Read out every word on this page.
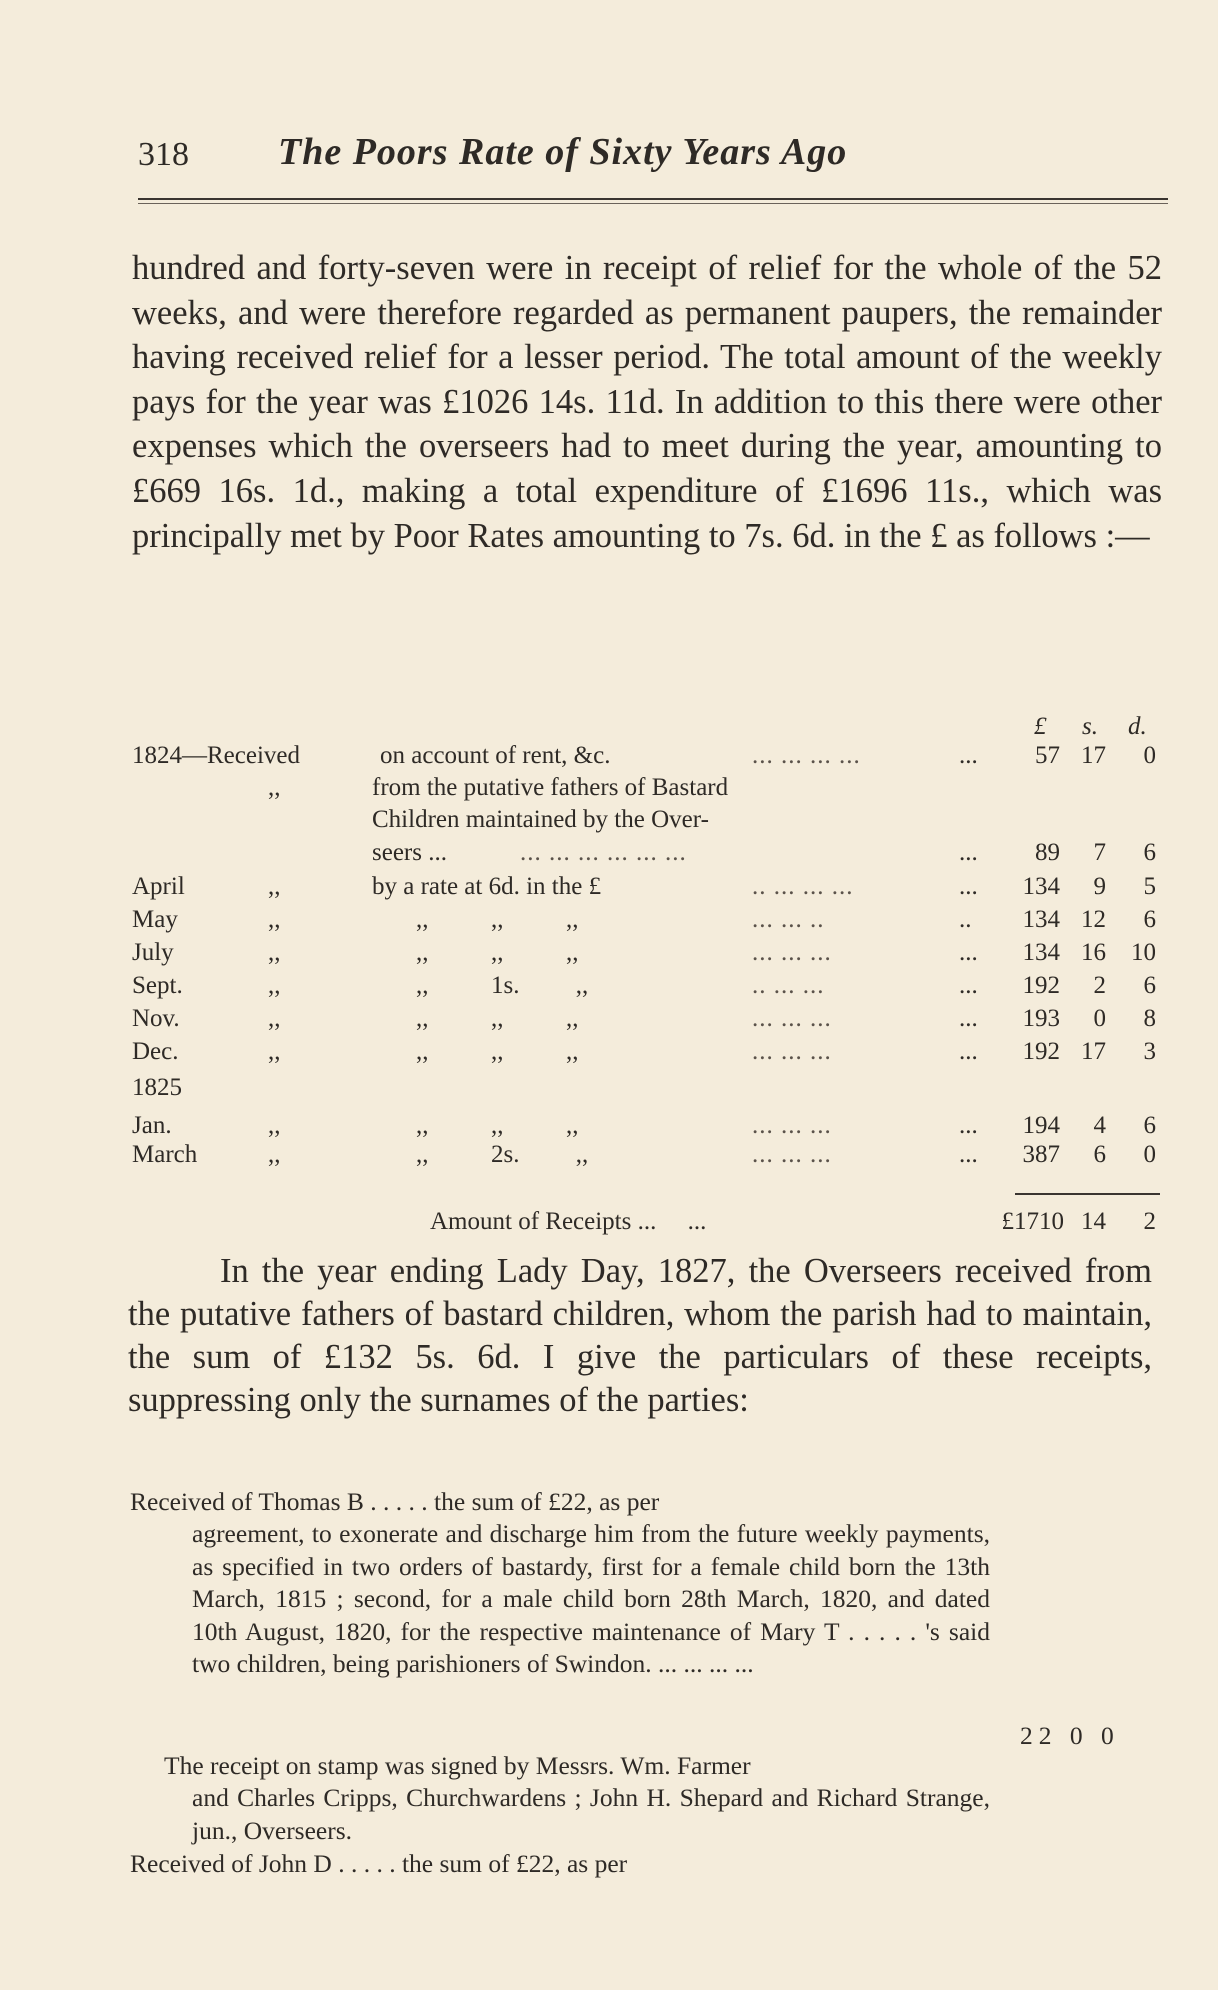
318 The Poors Rate of Sixty Years Ago

hundred and forty-seven were in receipt of relief for the whole of the 52 weeks, and were therefore regarded as permanent paupers, the remainder having received relief for a lesser period. The total amount of the weekly pays for the year was £1026 14s. 11d. In addition to this there were other expenses which the overseers had to meet during the year, amounting to £669 16s. 1d., making a total expenditure of £1696 11s., which was principally met by Poor Rates amounting to 7s. 6d. in the £ as follows :—

£ s. d.
1824—Received	on account of rent, &c.	... ... ... ...	...	57 17	0
,,	from the putative fathers of Bastard
Children maintained by the Over-
seers ...	... ... ... ... ... ...	...	89	7	6
April	,,	by a rate at 6d. in the £	.. ... ... ...	...	134	9	5
May	,,	,,          ,,          ,,	... ... ..	..	134 12	6
July	,,	,,          ,,          ,,	... ... ...	...	134 16	10
Sept.	,,	,,          1s.         ,,	.. ... ...	...	192	2	6
Nov.	,,	,,          ,,          ,,	... ... ...	...	193	0	8
Dec.	,,	,,          ,,          ,,	... ... ...	...	192 17	3
1825
Jan.	,,	,,          ,,          ,,	... ... ...	...	194	4	6
March	,,	,,          2s.         ,,	... ... ...	...	387	6	0
Amount of Receipts ...     ...	£1710 14	2

In the year ending Lady Day, 1827, the Overseers received from the putative fathers of bastard children, whom the parish had to maintain, the sum of £132 5s. 6d. I give the particulars of these receipts, suppressing only the surnames of the parties:

Received of Thomas B . . . . . the sum of £22, as per
agreement, to exonerate and discharge him from the future weekly payments, as specified in two orders of bastardy, first for a female child born the 13th March, 1815 ; second, for a male child born 28th March, 1820, and dated 10th August, 1820, for the respective maintenance of Mary T . . . . . 's said two children, being parishioners of Swindon. ... ... ... ...

22 0 0

The receipt on stamp was signed by Messrs. Wm. Farmer
and Charles Cripps, Churchwardens ; John H. Shepard and Richard Strange, jun., Overseers.

Received of John D . . . . . the sum of £22, as per
